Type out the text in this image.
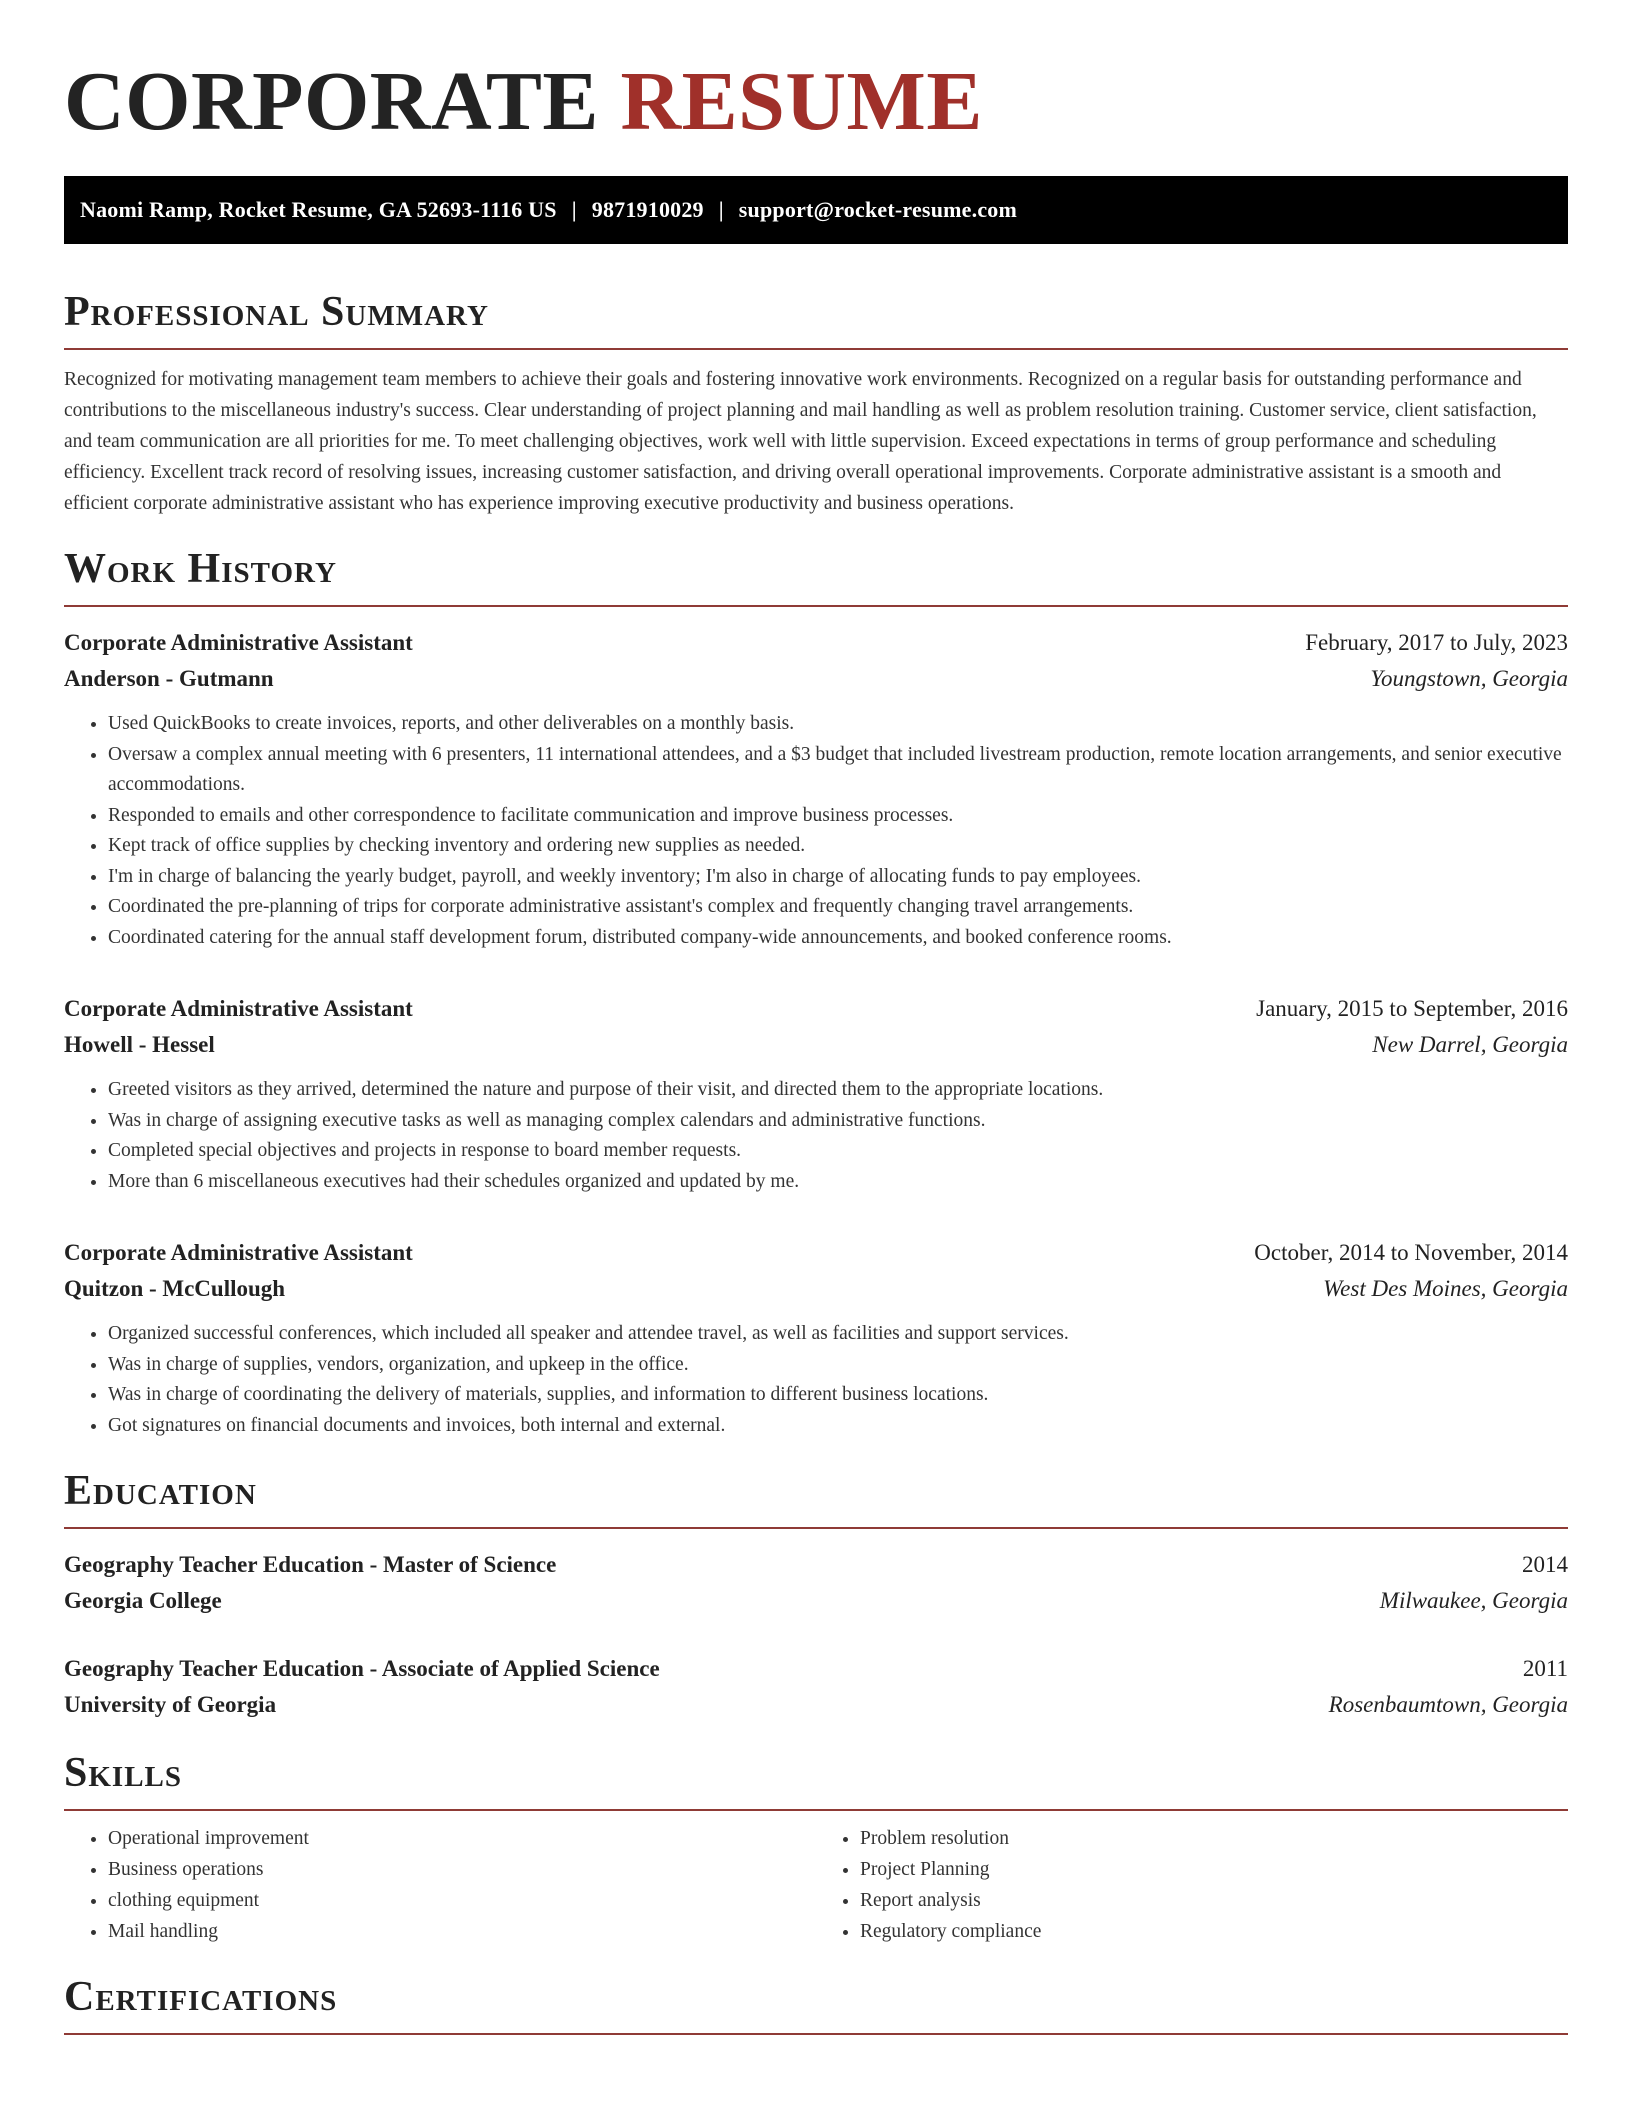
CORPORATE RESUME
Naomi Ramp, Rocket Resume, GA 52693-1116 US | 9871910029 | support@rocket-resume.com
Professional Summary

Recognized for motivating management team members to achieve their goals and fostering innovative work environments. Recognized on a regular basis for outstanding performance and contributions to the miscellaneous industry's success. Clear understanding of project planning and mail handling as well as problem resolution training. Customer service, client satisfaction, and team communication are all priorities for me. To meet challenging objectives, work well with little supervision. Exceed expectations in terms of group performance and scheduling efficiency. Excellent track record of resolving issues, increasing customer satisfaction, and driving overall operational improvements. Corporate administrative assistant is a smooth and efficient corporate administrative assistant who has experience improving executive productivity and business operations.

Work History
Corporate Administrative Assistant	February, 2017 to July, 2023
Anderson - Gutmann	Youngstown, Georgia
• Used QuickBooks to create invoices, reports, and other deliverables on a monthly basis.
• Oversaw a complex annual meeting with 6 presenters, 11 international attendees, and a $3 budget that included livestream production, remote location arrangements, and senior executive accommodations.
• Responded to emails and other correspondence to facilitate communication and improve business processes.
• Kept track of office supplies by checking inventory and ordering new supplies as needed.
• I'm in charge of balancing the yearly budget, payroll, and weekly inventory; I'm also in charge of allocating funds to pay employees.
• Coordinated the pre-planning of trips for corporate administrative assistant's complex and frequently changing travel arrangements.
• Coordinated catering for the annual staff development forum, distributed company-wide announcements, and booked conference rooms.
Corporate Administrative Assistant	January, 2015 to September, 2016
Howell - Hessel	New Darrel, Georgia
• Greeted visitors as they arrived, determined the nature and purpose of their visit, and directed them to the appropriate locations.
• Was in charge of assigning executive tasks as well as managing complex calendars and administrative functions.
• Completed special objectives and projects in response to board member requests.
• More than 6 miscellaneous executives had their schedules organized and updated by me.
Corporate Administrative Assistant	October, 2014 to November, 2014
Quitzon - McCullough	West Des Moines, Georgia
• Organized successful conferences, which included all speaker and attendee travel, as well as facilities and support services.
• Was in charge of supplies, vendors, organization, and upkeep in the office.
• Was in charge of coordinating the delivery of materials, supplies, and information to different business locations.
• Got signatures on financial documents and invoices, both internal and external.
Education
Geography Teacher Education - Master of Science	2014
Georgia College	Milwaukee, Georgia
Geography Teacher Education - Associate of Applied Science	2011
University of Georgia	Rosenbaumtown, Georgia
Skills
• Operational improvement
• Business operations
• clothing equipment
• Mail handling
• Problem resolution
• Project Planning
• Report analysis
• Regulatory compliance
Certifications
